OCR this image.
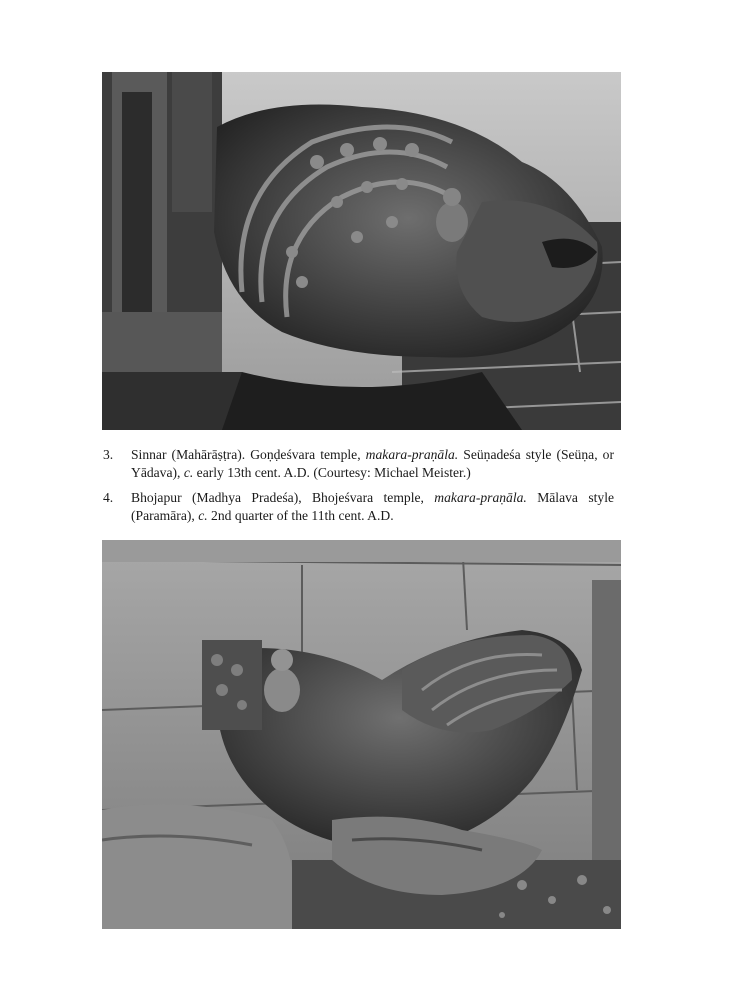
3. Sinnar (Mahārāṣṭra). Goṇḍeśvara temple, makara-praṇāla. Seüṇadeśa style (Seüṇa, or Yādava), c. early 13th cent. A.D. (Courtesy: Michael Meister.)
4. Bhojapur (Madhya Pradeśa), Bhojeśvara temple, makara-praṇāla. Mālava style (Paramāra), c. 2nd quarter of the 11th cent. A.D.
